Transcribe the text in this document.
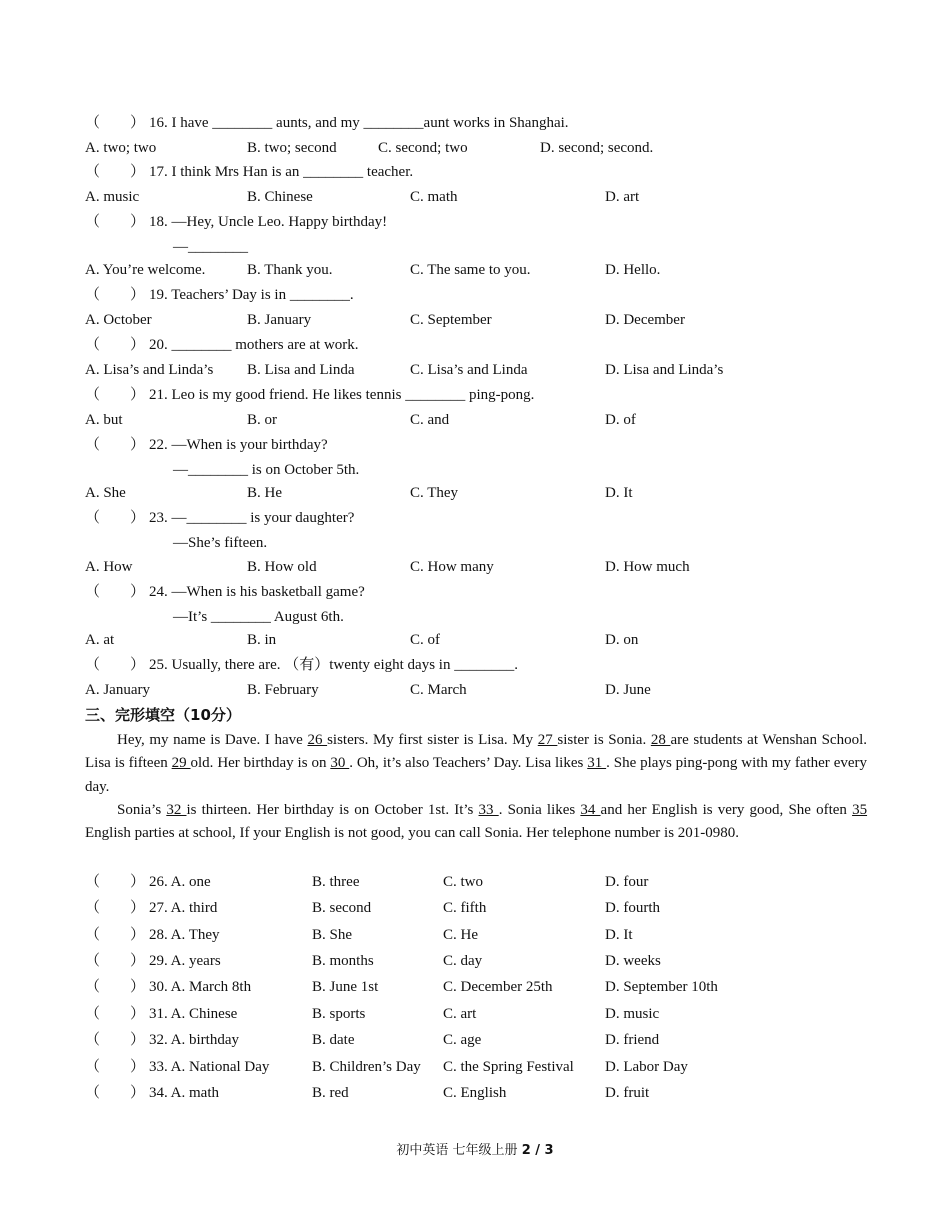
（　　） 16. I have ________ aunts, and my ________aunt works in Shanghai.
A. two; two	B. two; second	C. second; two	D. second; second.
（　　） 17. I think Mrs Han is an ________ teacher.
A. music	B. Chinese	C. math	D. art
（　　） 18. —Hey, Uncle Leo. Happy birthday!
—________
A. You’re welcome.	B. Thank you.	C. The same to you.	D. Hello.
（　　） 19. Teachers’ Day is in ________.
A. October	B. January	C. September	D. December
（　　） 20. ________ mothers are at work.
A. Lisa’s and Linda’s B. Lisa and Linda	C. Lisa’s and Linda	D. Lisa and Linda’s
（　　） 21. Leo is my good friend. He likes tennis ________ ping-pong.
A. but	B. or	C. and	D. of
（　　） 22. —When is your birthday?
—________ is on October 5th.
A. She	B. He	C. They	D. It
（　　） 23. —________ is your daughter?
—She’s fifteen.
A. How	B. How old	C. How many	D. How much
（　　） 24. —When is his basketball game?
—It’s ________ August 6th.
A. at	B. in	C. of	D. on
（　　） 25. Usually, there are. （有）twenty eight days in ________.
A. January	B. February	C. March	D. June
三、完形填空（10分）
Hey, my name is Dave. I have 26 sisters. My first sister is Lisa. My 27 sister is Sonia. 28 are students at Wenshan School. Lisa is fifteen 29 old. Her birthday is on 30 . Oh, it’s also Teachers’ Day. Lisa likes 31 . She plays ping-pong with my father every day.
Sonia’s 32 is thirteen. Her birthday is on October 1st. It’s 33 . Sonia likes 34 and her English is very good, She often 35 English parties at school, If your English is not good, you can call Sonia. Her telephone number is 201-0980.
（　　） 26. A. one	B. three	C. two	D. four
（　　） 27. A. third	B. second	C. fifth	D. fourth
（　　） 28. A. They	B. She	C. He	D. It
（　　） 29. A. years	B. months	C. day	D. weeks
（　　） 30. A. March 8th	B. June 1st	C. December 25th	D. September 10th
（　　） 31. A. Chinese	B. sports	C. art	D. music
（　　） 32. A. birthday	B. date	C. age	D. friend
（　　） 33. A. National Day	B. Children’s Day C. the Spring Festival D. Labor Day
（　　） 34. A. math	B. red	C. English	D. fruit
初中英语 七年级上册 2 / 3
